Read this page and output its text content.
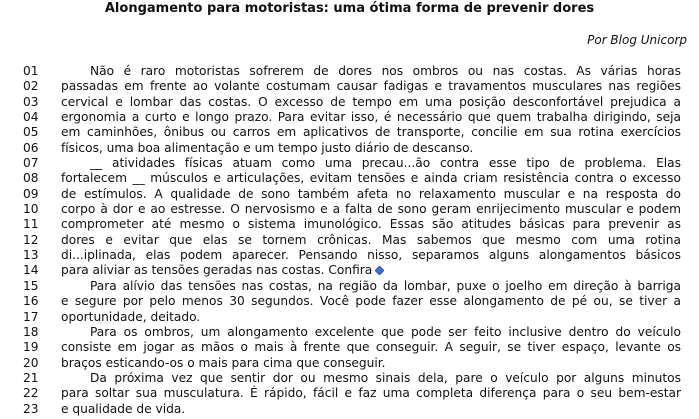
Alongamento para motoristas: uma ótima forma de prevenir dores
Por Blog Unicorp
01	Não é raro motoristas sofrerem de dores nos ombros ou nas costas. As várias horas
02	passadas em frente ao volante costumam causar fadigas e travamentos musculares nas regiões
03	cervical e lombar das costas. O excesso de tempo em uma posição desconfortável prejudica a
04	ergonomia a curto e longo prazo. Para evitar isso, é necessário que quem trabalha dirigindo, seja
05	em caminhões, ônibus ou carros em aplicativos de transporte, concilie em sua rotina exercícios
06	físicos, uma boa alimentação e um tempo justo diário de descanso.
07	__ atividades físicas atuam como uma precau...ão contra esse tipo de problema. Elas
08	fortalecem __ músculos e articulações, evitam tensões e ainda criam resistência contra o excesso
09	de estímulos. A qualidade de sono também afeta no relaxamento muscular e na resposta do
10	corpo à dor e ao estresse. O nervosismo e a falta de sono geram enrijecimento muscular e podem
11	comprometer até mesmo o sistema imunológico. Essas são atitudes básicas para prevenir as
12	dores e evitar que elas se tornem crônicas. Mas sabemos que mesmo com uma rotina
13	di...iplinada, elas podem aparecer. Pensando nisso, separamos alguns alongamentos básicos
14	para aliviar as tensões geradas nas costas. Confira
15	Para alívio das tensões nas costas, na região da lombar, puxe o joelho em direção à barriga
16	e segure por pelo menos 30 segundos. Você pode fazer esse alongamento de pé ou, se tiver a
17	oportunidade, deitado.
18	Para os ombros, um alongamento excelente que pode ser feito inclusive dentro do veículo
19	consiste em jogar as mãos o mais à frente que conseguir. A seguir, se tiver espaço, levante os
20	braços esticando-os o mais para cima que conseguir.
21	Da próxima vez que sentir dor ou mesmo sinais dela, pare o veículo por alguns minutos
22	para soltar sua musculatura. É rápido, fácil e faz uma completa diferença para o seu bem-estar
23	e qualidade de vida.
